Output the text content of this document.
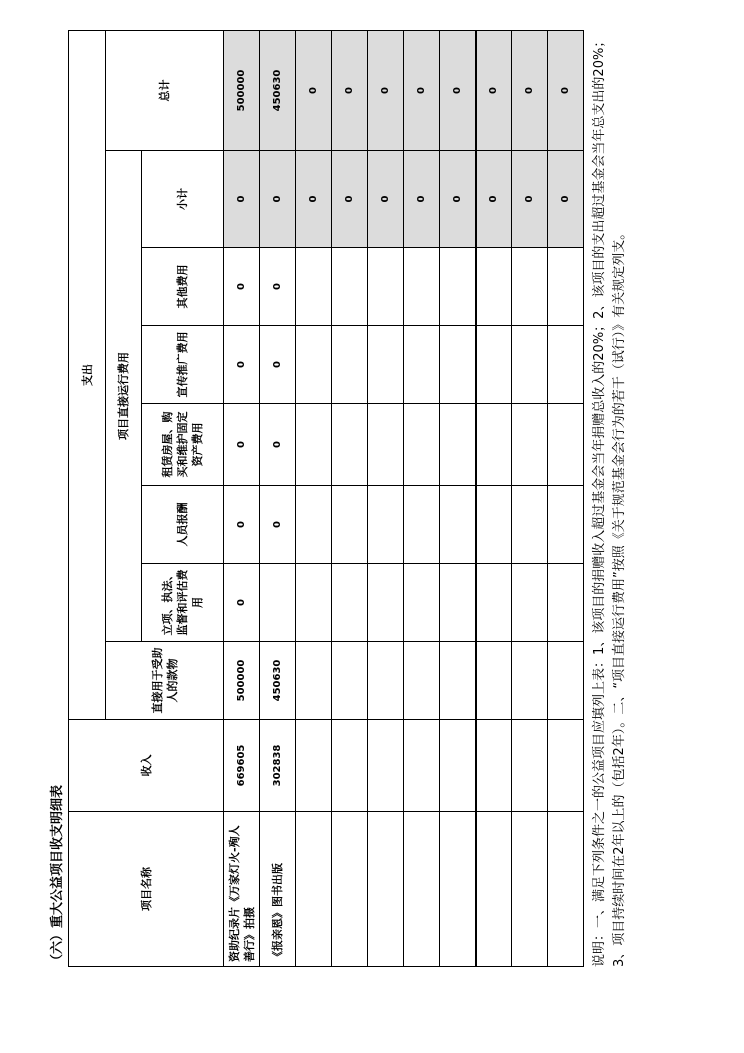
（六）重大公益项目收支明细表	项目名称	收入	支出							
		直接用于受助人的款物	项目直接运行费用						总计
			立项、执法、监督和评估费用	人员报酬	租赁房屋、购买和维护固定资产费用	宣传推广费用	其他费用	小计	
资助纪录片《万家灯火-殉人善行》拍摄	669605	500000	0	0	0	0	0	0	500000
《报亲恩》图书出版	302838	450630		0	0	0	0	0	450630
								0	0
								0	0
								0	0
								0	0
								0	0
								0	0
								0	0
								0	0 说明：一、满足下列条件之一的公益项目应填列上表：1、该项目的捐赠收入超过基金会当年捐赠总收入的20%；2、该项目的支出超过基金会当年总支出的20%；3、项目持续时间在2年以上的（包括2年）。二、“项目直接运行费用”按照《关于规范基金会行为的若干（试行）》有关规定列支。
